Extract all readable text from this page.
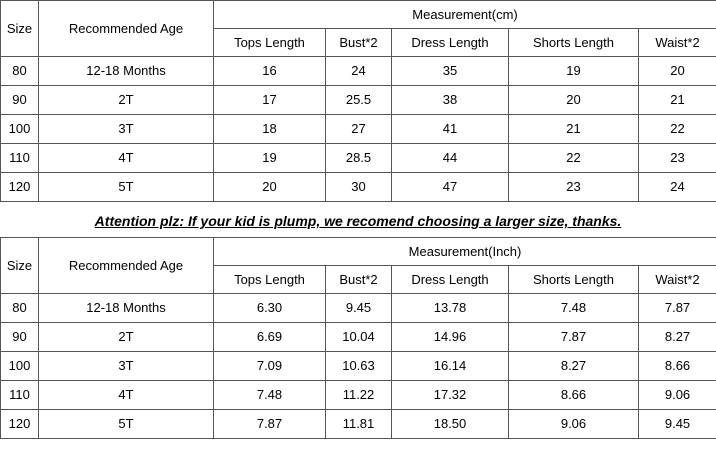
Size	Recommended Age	Measurement(cm)				
		Tops Length	Bust*2	Dress Length	Shorts Length	Waist*2
80	12-18 Months	16	24	35	19	20
90	2T	17	25.5	38	20	21
100	3T	18	27	41	21	22
110	4T	19	28.5	44	22	23
120	5T	20	30	47	23	24
Attention plz: If your kid is plump, we recomend choosing a larger size, thanks.
Size	Recommended Age	Measurement(Inch)				
		Tops Length	Bust*2	Dress Length	Shorts Length	Waist*2
80	12-18 Months	6.30	9.45	13.78	7.48	7.87
90	2T	6.69	10.04	14.96	7.87	8.27
100	3T	7.09	10.63	16.14	8.27	8.66
110	4T	7.48	11.22	17.32	8.66	9.06
120	5T	7.87	11.81	18.50	9.06	9.45
